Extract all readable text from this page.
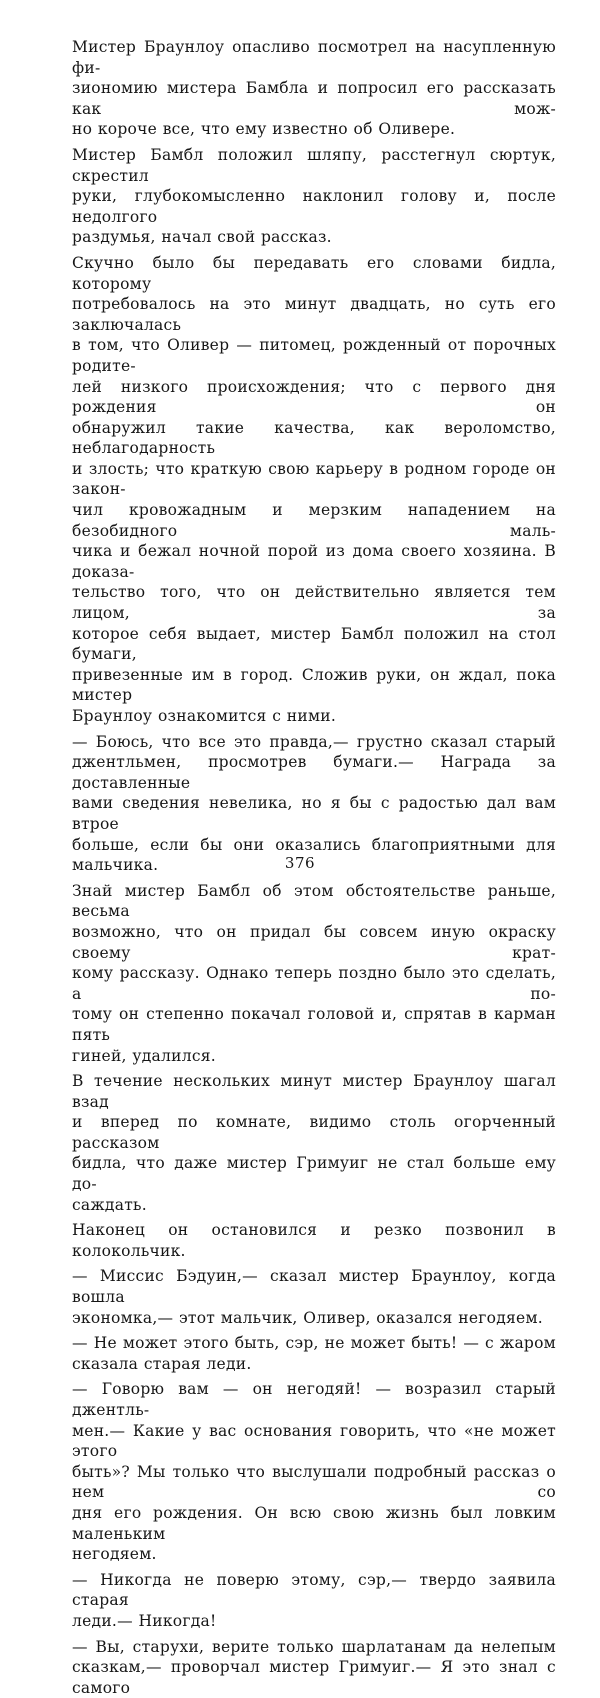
Мистер Браунлоу опасливо посмотрел на насупленную фи-
зиономию мистера Бамбла и попросил его рассказать как мож-
но короче все, что ему известно об Оливере.

Мистер Бамбл положил шляпу, расстегнул сюртук, скрестил
руки, глубокомысленно наклонил голову и, после недолгого
раздумья, начал свой рассказ.

Скучно было бы передавать его словами бидла, которому
потребовалось на это минут двадцать, но суть его заключалась
в том, что Оливер — питомец, рожденный от порочных родите-
лей низкого происхождения; что с первого дня рождения он
обнаружил такие качества, как вероломство, неблагодарность
и злость; что краткую свою карьеру в родном городе он закон-
чил кровожадным и мерзким нападением на безобидного маль-
чика и бежал ночной порой из дома своего хозяина. В доказа-
тельство того, что он действительно является тем лицом, за
которое себя выдает, мистер Бамбл положил на стол бумаги,
привезенные им в город. Сложив руки, он ждал, пока мистер
Браунлоу ознакомится с ними.

— Боюсь, что все это правда,— грустно сказал старый
джентльмен, просмотрев бумаги.— Награда за доставленные
вами сведения невелика, но я бы с радостью дал вам втрое
больше, если бы они оказались благоприятными для мальчика.

Знай мистер Бамбл об этом обстоятельстве раньше, весьма
возможно, что он придал бы совсем иную окраску своему крат-
кому рассказу. Однако теперь поздно было это сделать, а по-
тому он степенно покачал головой и, спрятав в карман пять
гиней, удалился.

В течение нескольких минут мистер Браунлоу шагал взад
и вперед по комнате, видимо столь огорченный рассказом
бидла, что даже мистер Гримуиг не стал больше ему до-
саждать.

Наконец он остановился и резко позвонил в колокольчик.

— Миссис Бэдуин,— сказал мистер Браунлоу, когда вошла
экономка,— этот мальчик, Оливер, оказался негодяем.

— Не может этого быть, сэр, не может быть! — с жаром
сказала старая леди.

— Говорю вам — он негодяй! — возразил старый джентль-
мен.— Какие у вас основания говорить, что «не может этого
быть»? Мы только что выслушали подробный рассказ о нем со
дня его рождения. Он всю свою жизнь был ловким маленьким
негодяем.

— Никогда не поверю этому, сэр,— твердо заявила старая
леди.— Никогда!

— Вы, старухи, верите только шарлатанам да нелепым
сказкам,— проворчал мистер Гримуиг.— Я это знал с самого

376
